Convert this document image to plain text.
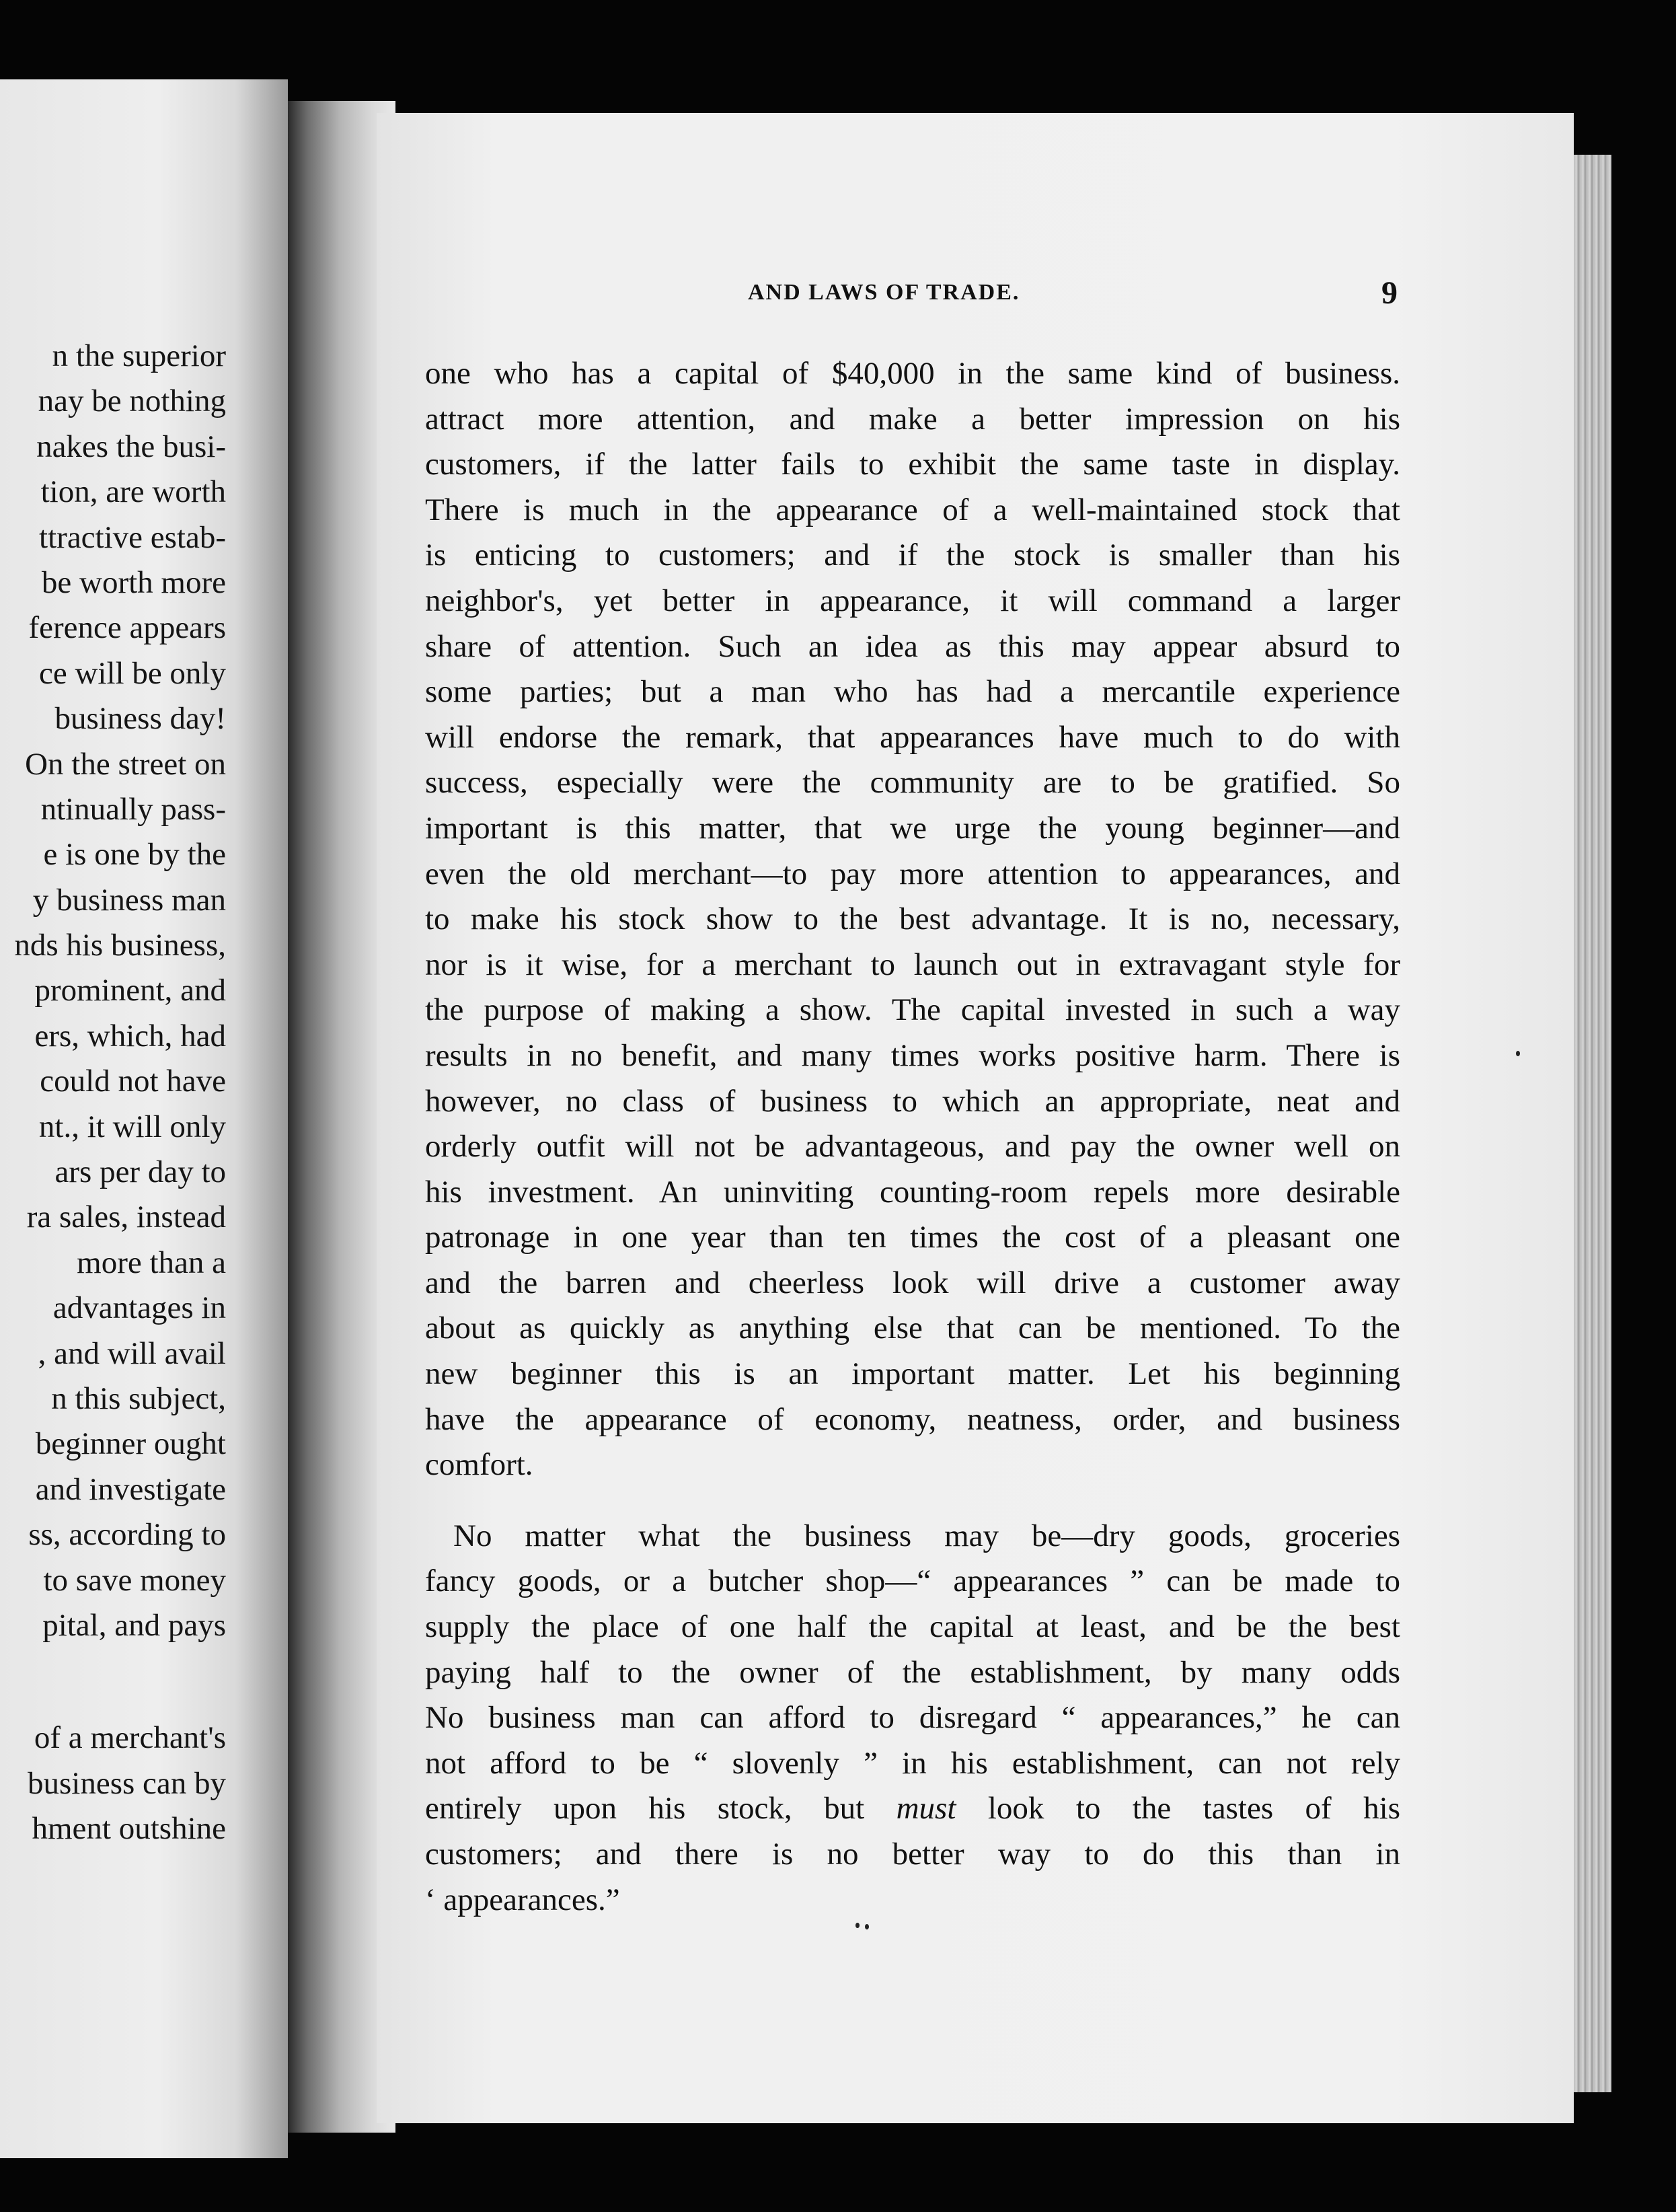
n the superior
nay be nothing
nakes the busi-
tion, are worth
ttractive estab-
be worth more
ference appears
ce will be only
business day!
On the street on
ntinually pass-
e is one by the
y business man
nds his business,
prominent, and
ers, which, had
could not have
nt., it will only
ars per day to
ra sales, instead
more than a
advantages in
, and will avail
n this subject,
beginner ought
and investigate
ss, according to
to save money
pital, and pays
of a merchant's
business can by
hment outshine
AND LAWS OF TRADE.	9
one who has a capital of $40,000 in the same kind of business.
attract more attention, and make a better impression on his
customers, if the latter fails to exhibit the same taste in display.
There is much in the appearance of a well-maintained stock that
is enticing to customers; and if the stock is smaller than his
neighbor's, yet better in appearance, it will command a larger
share of attention. Such an idea as this may appear absurd to
some parties; but a man who has had a mercantile experience
will endorse the remark, that appearances have much to do with
success, especially were the community are to be gratified. So
important is this matter, that we urge the young beginner—and
even the old merchant—to pay more attention to appearances, and
to make his stock show to the best advantage. It is no, necessary,
nor is it wise, for a merchant to launch out in extravagant style for
the purpose of making a show. The capital invested in such a way
results in no benefit, and many times works positive harm. There is
however, no class of business to which an appropriate, neat and
orderly outfit will not be advantageous, and pay the owner well on
his investment. An uninviting counting-room repels more desirable
patronage in one year than ten times the cost of a pleasant one
and the barren and cheerless look will drive a customer away
about as quickly as anything else that can be mentioned. To the
new beginner this is an important matter. Let his beginning
have the appearance of economy, neatness, order, and business
comfort.
No matter what the business may be—dry goods, groceries
fancy goods, or a butcher shop—“ appearances ” can be made to
supply the place of one half the capital at least, and be the best
paying half to the owner of the establishment, by many odds
No business man can afford to disregard “ appearances,” he can
not afford to be “ slovenly ” in his establishment, can not rely
entirely upon his stock, but must look to the tastes of his
customers; and there is no better way to do this than in
‘ appearances.”
